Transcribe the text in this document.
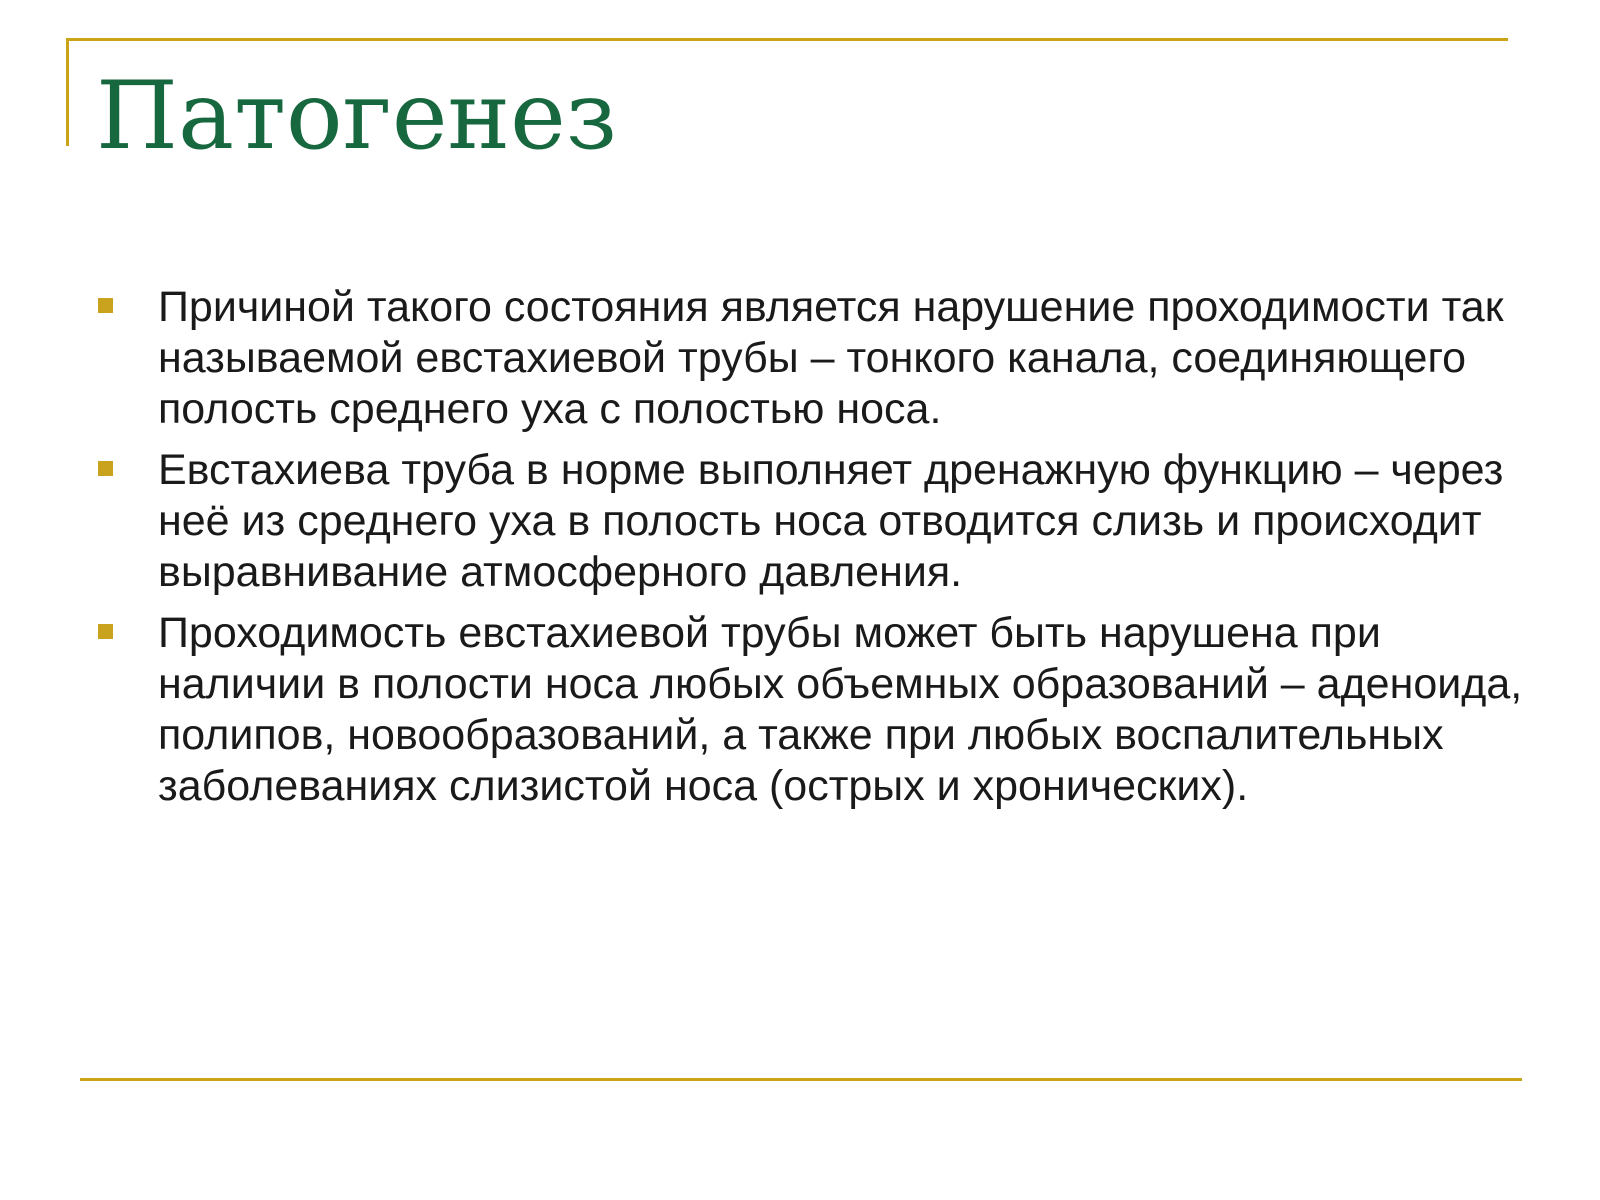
Патогенез
Причиной такого состояния является нарушение проходимости так называемой евстахиевой трубы – тонкого канала, соединяющего полость среднего уха с полостью носа.
Евстахиева труба в норме выполняет дренажную функцию – через неё из среднего уха в полость носа отводится слизь и происходит выравнивание атмосферного давления.
Проходимость евстахиевой трубы может быть нарушена при наличии в полости носа любых объемных образований – аденоида, полипов, новообразований, а также при любых воспалительных заболеваниях слизистой носа (острых и хронических).
